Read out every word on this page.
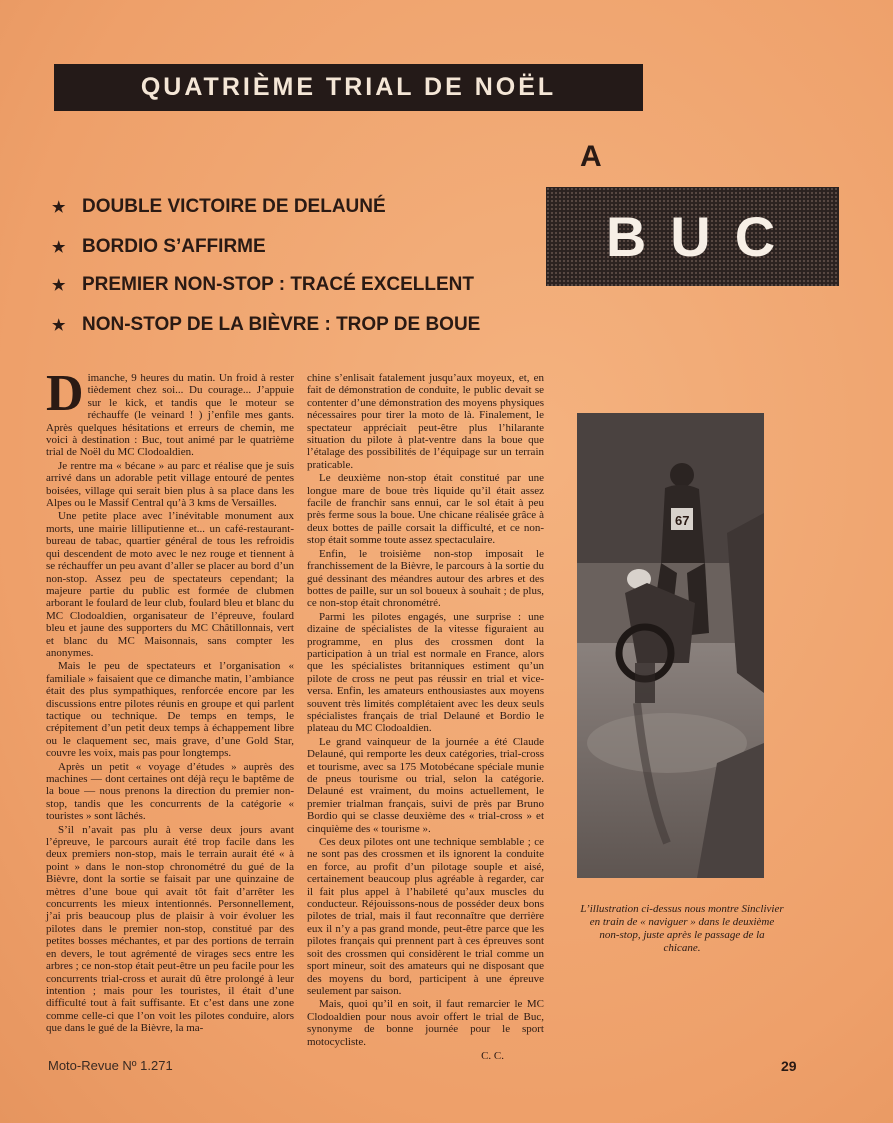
QUATRIÈME TRIAL DE NOËL
A
BUC
★ DOUBLE VICTOIRE DE DELAUNÉ
★ BORDIO S’AFFIRME
★ PREMIER NON-STOP : TRACÉ EXCELLENT
★ NON-STOP DE LA BIÈVRE : TROP DE BOUE

Dimanche, 9 heures du matin. Un froid à rester tièdement chez soi... Du courage... J’appuie sur le kick, et tandis que le moteur se réchauffe (le veinard ! ) j’enfile mes gants. Après quelques hésitations et erreurs de chemin, me voici à destination : Buc, tout animé par le quatrième trial de Noël du MC Clodoaldien.

Je rentre ma « bécane » au parc et réalise que je suis arrivé dans un adorable petit village entouré de pentes boisées, village qui serait bien plus à sa place dans les Alpes ou le Massif Central qu’à 3 kms de Versailles.

Une petite place avec l’inévitable monument aux morts, une mairie lilliputienne et... un café-restaurant-bureau de tabac, quartier général de tous les refroidis qui descendent de moto avec le nez rouge et tiennent à se réchauffer un peu avant d’aller se placer au bord d’un non-stop. Assez peu de spectateurs cependant; la majeure partie du public est formée de clubmen arborant le foulard de leur club, foulard bleu et blanc du MC Clodoaldien, organisateur de l’épreuve, foulard bleu et jaune des supporters du MC Châtillonnais, vert et blanc du MC Maisonnais, sans compter les anonymes.

Mais le peu de spectateurs et l’organisation « familiale » faisaient que ce dimanche matin, l’ambiance était des plus sympathiques, renforcée encore par les discussions entre pilotes réunis en groupe et qui parlent tactique ou technique. De temps en temps, le crépitement d’un petit deux temps à échappement libre ou le claquement sec, mais grave, d’une Gold Star, couvre les voix, mais pas pour longtemps.

Après un petit « voyage d’études » auprès des machines — dont certaines ont déjà reçu le baptême de la boue — nous prenons la direction du premier non-stop, tandis que les concurrents de la catégorie « touristes » sont lâchés.

S’il n’avait pas plu à verse deux jours avant l’épreuve, le parcours aurait été trop facile dans les deux premiers non-stop, mais le terrain aurait été « à point » dans le non-stop chronométré du gué de la Bièvre, dont la sortie se faisait par une quinzaine de mètres d’une boue qui avait tôt fait d’arrêter les concurrents les mieux intentionnés. Personnellement, j’ai pris beaucoup plus de plaisir à voir évoluer les pilotes dans le premier non-stop, constitué par des petites bosses méchantes, et par des portions de terrain en devers, le tout agrémenté de virages secs entre les arbres ; ce non-stop était peut-être un peu facile pour les concurrents trial-cross et aurait dû être prolongé à leur intention ; mais pour les touristes, il était d’une difficulté tout à fait suffisante. Et c’est dans une zone comme celle-ci que l’on voit les pilotes conduire, alors que dans le gué de la Bièvre, la ma-

chine s’enlisait fatalement jusqu’aux moyeux, et, en fait de démonstration de conduite, le public devait se contenter d’une démonstration des moyens physiques nécessaires pour tirer la moto de là. Finalement, le spectateur appréciait peut-être plus l’hilarante situation du pilote à plat-ventre dans la boue que l’étalage des possibilités de l’équipage sur un terrain praticable.

Le deuxième non-stop était constitué par une longue mare de boue très liquide qu’il était assez facile de franchir sans ennui, car le sol était à peu près ferme sous la boue. Une chicane réalisée grâce à deux bottes de paille corsait la difficulté, et ce non-stop était somme toute assez spectaculaire.

Enfin, le troisième non-stop imposait le franchissement de la Bièvre, le parcours à la sortie du gué dessinant des méandres autour des arbres et des bottes de paille, sur un sol boueux à souhait ; de plus, ce non-stop était chronométré.

Parmi les pilotes engagés, une surprise : une dizaine de spécialistes de la vitesse figuraient au programme, en plus des crossmen dont la participation à un trial est normale en France, alors que les spécialistes britanniques estiment qu’un pilote de cross ne peut pas réussir en trial et vice-versa. Enfin, les amateurs enthousiastes aux moyens souvent très limités complétaient avec les deux seuls spécialistes français de trial Delauné et Bordio le plateau du MC Clodoaldien.

Le grand vainqueur de la journée a été Claude Delauné, qui remporte les deux catégories, trial-cross et tourisme, avec sa 175 Motobécane spéciale munie de pneus tourisme ou trial, selon la catégorie. Delauné est vraiment, du moins actuellement, le premier trialman français, suivi de près par Bruno Bordio qui se classe deuxième des « trial-cross » et cinquième des « tourisme ».

Ces deux pilotes ont une technique semblable ; ce ne sont pas des crossmen et ils ignorent la conduite en force, au profit d’un pilotage souple et aisé, certainement beaucoup plus agréable à regarder, car il fait plus appel à l’habileté qu’aux muscles du conducteur. Réjouissons-nous de posséder deux bons pilotes de trial, mais il faut reconnaître que derrière eux il n’y a pas grand monde, peut-être parce que les pilotes français qui prennent part à ces épreuves sont soit des crossmen qui considèrent le trial comme un sport mineur, soit des amateurs qui ne disposant que des moyens du bord, participent à une épreuve seulement par saison.

Mais, quoi qu’il en soit, il faut remarcier le MC Clodoaldien pour nous avoir offert le trial de Buc, synonyme de bonne journée pour le sport motocycliste.

C. C.
67
L’illustration ci-dessus nous montre Sinclivier en train de « naviguer » dans le deuxième non-stop, juste après le passage de la chicane.
Moto-Revue Nº 1.271	29
